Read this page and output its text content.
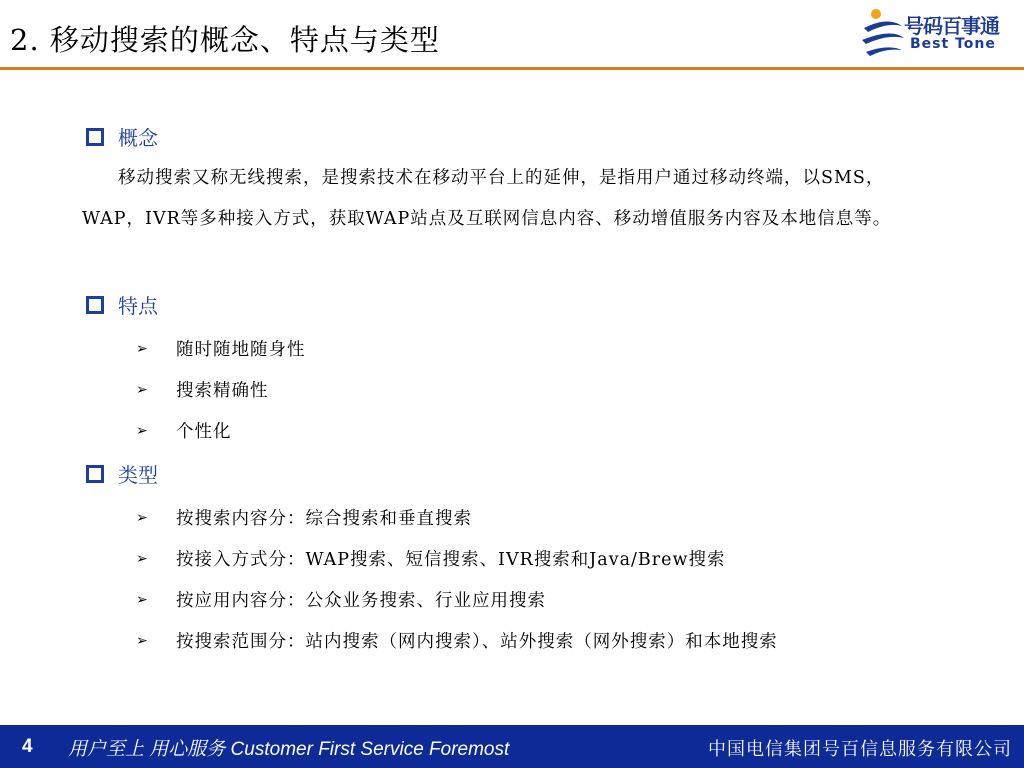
2. 移动搜索的概念、特点与类型	号码百事通
Best Tone
概念
移动搜索又称无线搜索，是搜索技术在移动平台上的延伸，是指用户通过移动终端，以SMS，WAP，IVR等多种接入方式，获取WAP站点及互联网信息内容、移动增值服务内容及本地信息等。
特点
➢	随时随地随身性
➢	搜索精确性
➢	个性化
类型
➢	按搜索内容分：综合搜索和垂直搜索
➢	按接入方式分：WAP搜索、短信搜索、IVR搜索和Java/Brew搜索
➢	按应用内容分：公众业务搜索、行业应用搜索
➢	按搜索范围分：站内搜索（网内搜索）、站外搜索（网外搜索）和本地搜索
4 用户至上 用心服务 Customer First Service Foremost	中国电信集团号百信息服务有限公司
